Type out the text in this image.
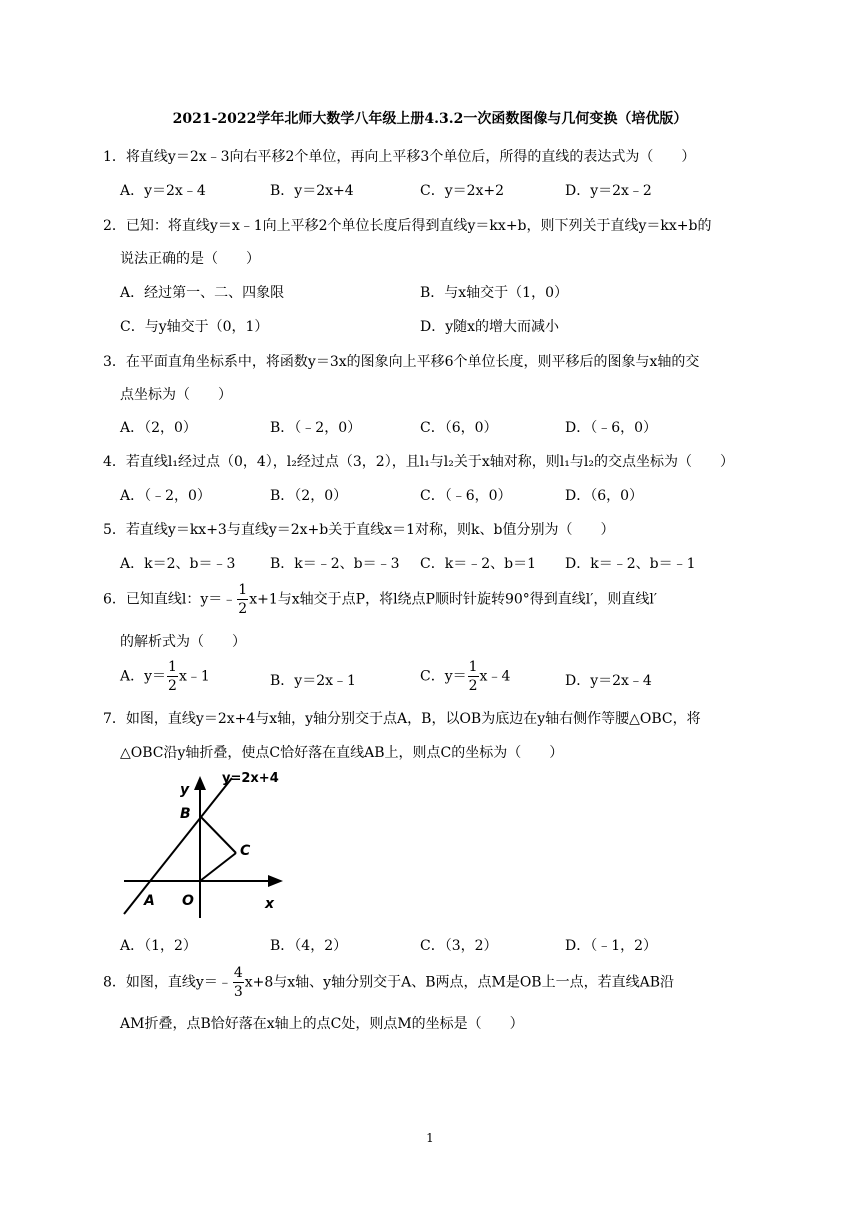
2021-2022学年北师大数学八年级上册4.3.2一次函数图像与几何变换（培优版）
1．将直线y＝2x﹣3向右平移2个单位，再向上平移3个单位后，所得的直线的表达式为（　　）
A．y＝2x﹣4	B．y＝2x+4	C．y＝2x+2	D．y＝2x﹣2
2．已知：将直线y＝x﹣1向上平移2个单位长度后得到直线y＝kx+b，则下列关于直线y＝kx+b的
说法正确的是（　　）
A．经过第一、二、四象限	B．与x轴交于（1，0）
C．与y轴交于（0，1）	D．y随x的增大而减小
3．在平面直角坐标系中，将函数y＝3x的图象向上平移6个单位长度，则平移后的图象与x轴的交
点坐标为（　　）
A．（2，0）	B．（﹣2，0）	C．（6，0）	D．（﹣6，0）
4．若直线l₁经过点（0，4），l₂经过点（3，2），且l₁与l₂关于x轴对称，则l₁与l₂的交点坐标为（　　）
A．（﹣2，0）	B．（2，0）	C．（﹣6，0）	D．（6，0）
5．若直线y＝kx+3与直线y＝2x+b关于直线x＝1对称，则k、b值分别为（　　）
A．k＝2、b＝﹣3 B．k＝﹣2、b＝﹣3 C．k＝﹣2、b＝1 D．k＝﹣2、b＝﹣1
6．已知直线l：y＝﹣ $\frac{1}{2} x+1$与x轴交于点P，将l绕点P顺时针旋转90°得到直线l′，则直线l′
的解析式为（　　）
A．$y= \frac{1}{2}$ x﹣1	B．y＝2x﹣1	C．$y= \frac{1}{2}$ x﹣4	D．y＝2x﹣4
7．如图，直线y＝2x+4与x轴，y轴分别交于点A，B，以OB为底边在y轴右侧作等腰△OBC，将
△OBC沿y轴折叠，使点C恰好落在直线AB上，则点C的坐标为（　　）
y=2x+4
y
B
C
A O	x
A．（1，2）	B．（4，2）	C．（3，2）	D．（﹣1，2）
8．如图，直线y＝﹣ $\frac{4}{3} x+8$与x轴、y轴分别交于A、B两点，点M是OB上一点，若直线AB沿
AM折叠，点B恰好落在x轴上的点C处，则点M的坐标是（　　）
1
